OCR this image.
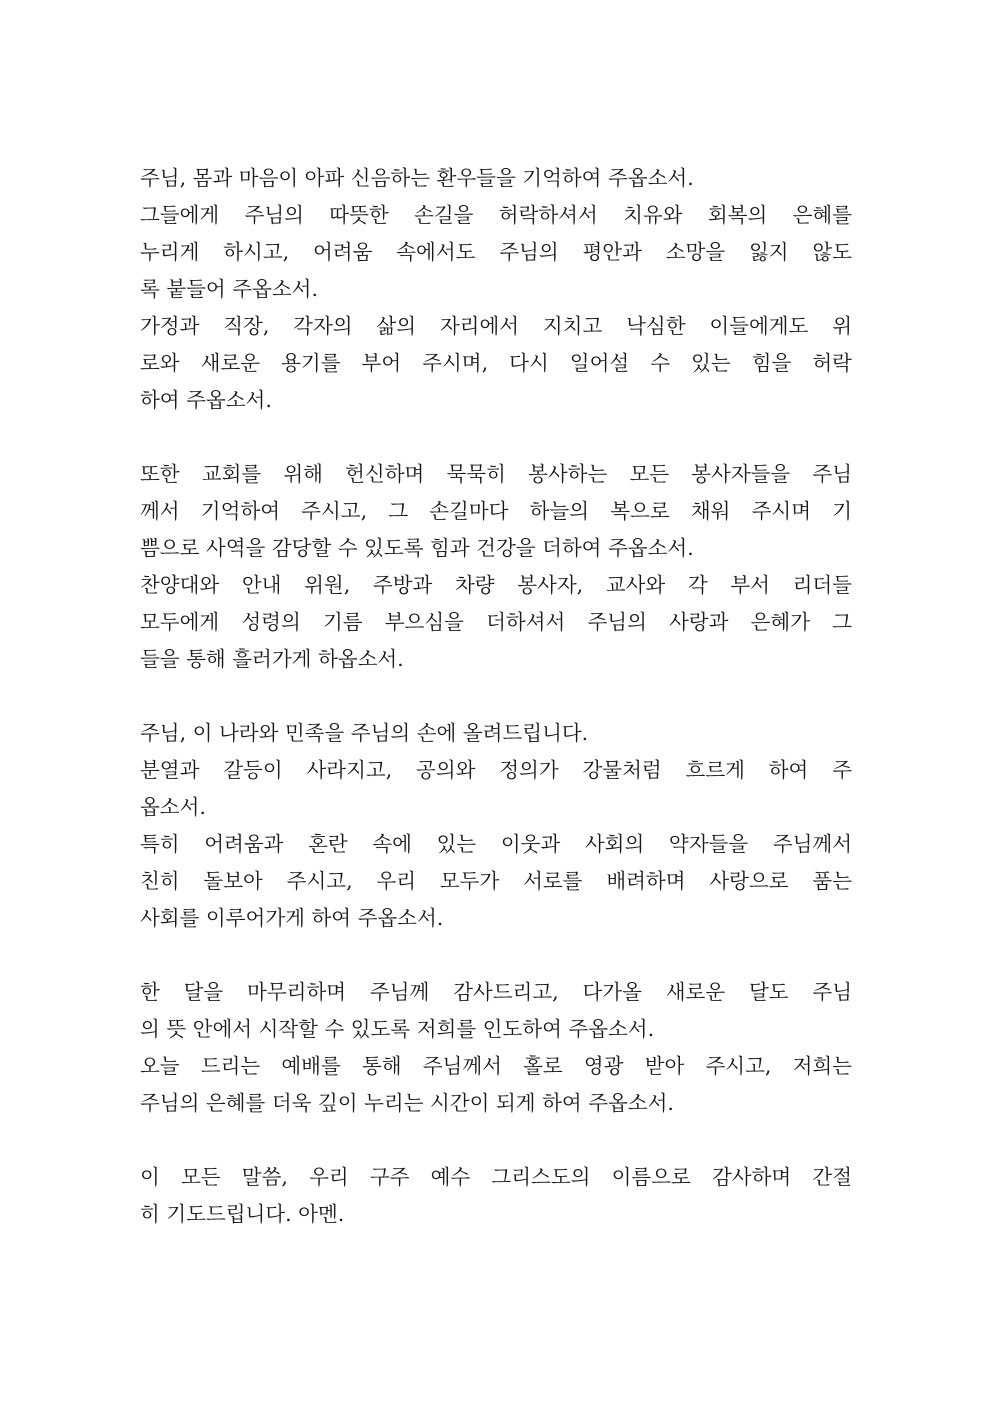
주님, 몸과 마음이 아파 신음하는 환우들을 기억하여 주옵소서.
그들에게 주님의 따뜻한 손길을 허락하셔서 치유와 회복의 은혜를
누리게 하시고, 어려움 속에서도 주님의 평안과 소망을 잃지 않도
록 붙들어 주옵소서.
가정과 직장, 각자의 삶의 자리에서 지치고 낙심한 이들에게도 위
로와 새로운 용기를 부어 주시며, 다시 일어설 수 있는 힘을 허락
하여 주옵소서.
또한 교회를 위해 헌신하며 묵묵히 봉사하는 모든 봉사자들을 주님
께서 기억하여 주시고, 그 손길마다 하늘의 복으로 채워 주시며 기
쁨으로 사역을 감당할 수 있도록 힘과 건강을 더하여 주옵소서.
찬양대와 안내 위원, 주방과 차량 봉사자, 교사와 각 부서 리더들
모두에게 성령의 기름 부으심을 더하셔서 주님의 사랑과 은혜가 그
들을 통해 흘러가게 하옵소서.
주님, 이 나라와 민족을 주님의 손에 올려드립니다.
분열과 갈등이 사라지고, 공의와 정의가 강물처럼 흐르게 하여 주
옵소서.
특히 어려움과 혼란 속에 있는 이웃과 사회의 약자들을 주님께서
친히 돌보아 주시고, 우리 모두가 서로를 배려하며 사랑으로 품는
사회를 이루어가게 하여 주옵소서.
한 달을 마무리하며 주님께 감사드리고, 다가올 새로운 달도 주님
의 뜻 안에서 시작할 수 있도록 저희를 인도하여 주옵소서.
오늘 드리는 예배를 통해 주님께서 홀로 영광 받아 주시고, 저희는
주님의 은혜를 더욱 깊이 누리는 시간이 되게 하여 주옵소서.
이 모든 말씀, 우리 구주 예수 그리스도의 이름으로 감사하며 간절
히 기도드립니다. 아멘.
